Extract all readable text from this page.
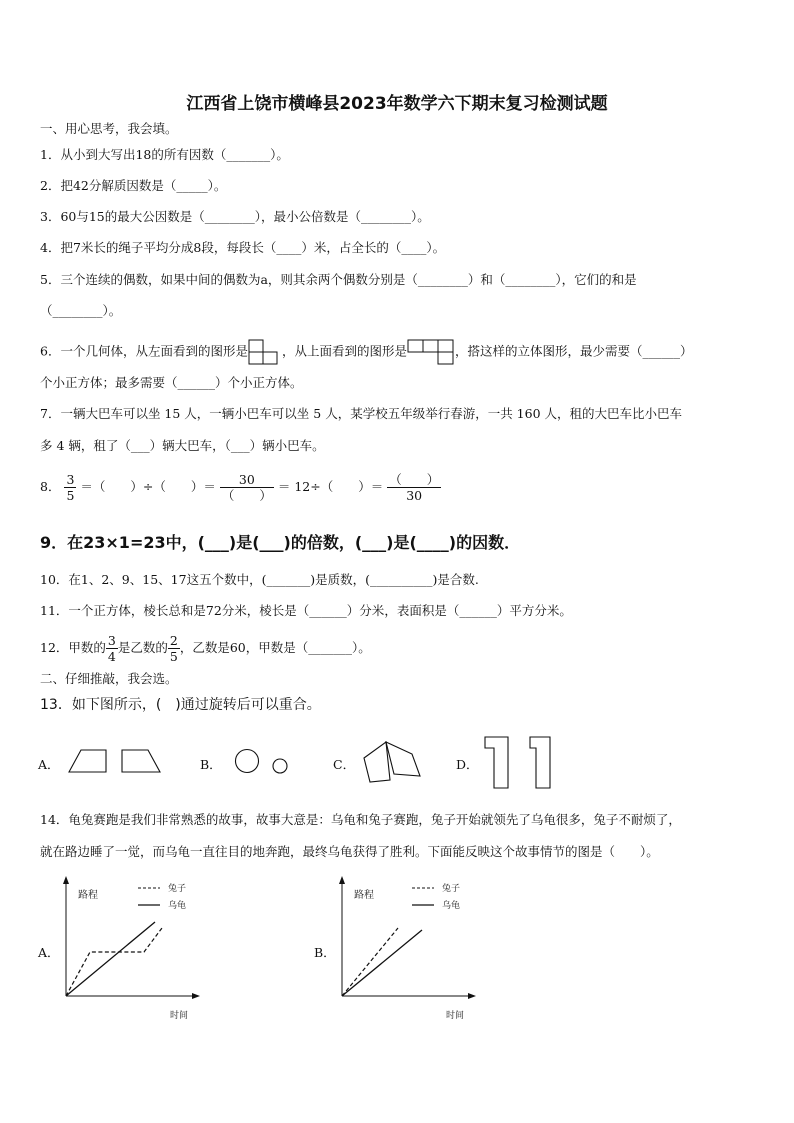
江西省上饶市横峰县2023年数学六下期末复习检测试题
一、用心思考，我会填。
1．从小到大写出18的所有因数（_______）。
2．把42分解质因数是（_____）。
3．60与15的最大公因数是（________），最小公倍数是（________）。
4．把7米长的绳子平均分成8段，每段长（____）米，占全长的（____）。
5．三个连续的偶数，如果中间的偶数为a，则其余两个偶数分别是（________）和（________），它们的和是
（________）。
6．一个几何体，从左面看到的图形是	，从上面看到的图形是	，搭这样的立体图形，最少需要（______）
个小正方体；最多需要（______）个小正方体。
7．一辆大巴车可以坐 15 人，一辆小巴车可以坐 5 人，某学校五年级举行春游，一共 160 人，租的大巴车比小巴车
多 4 辆，租了（___）辆大巴车，（___）辆小巴车。
8． $\frac{3}{5}$ ＝（　　）÷（　　）＝ $\frac{30}{( )} = 12\div$（　　）＝ $\frac{( )}{30}$
9．在23×1=23中，(___)是(___)的倍数，(___)是(____)的因数．
10．在1、2、9、15、17这五个数中，(_______)是质数，(__________)是合数.
11．一个正方体，棱长总和是72分米，棱长是（______）分米，表面积是（______）平方分米。
12．甲数的 $\frac{3}{4}$ 是乙数的 $\frac{2}{5}$ ，乙数是60，甲数是（_______）。
二、仔细推敲，我会选。
13．如下图所示，(　)通过旋转后可以重合。
A．	B．	C．	D．
14．龟兔赛跑是我们非常熟悉的故事，故事大意是：乌龟和兔子赛跑，兔子开始就领先了乌龟很多，兔子不耐烦了，
就在路边睡了一觉，而乌龟一直往目的地奔跑，最终乌龟获得了胜利。下面能反映这个故事情节的图是（　　）。
A．
路程
时间
兔子
乌龟
B．
路程
时间
兔子
乌龟
